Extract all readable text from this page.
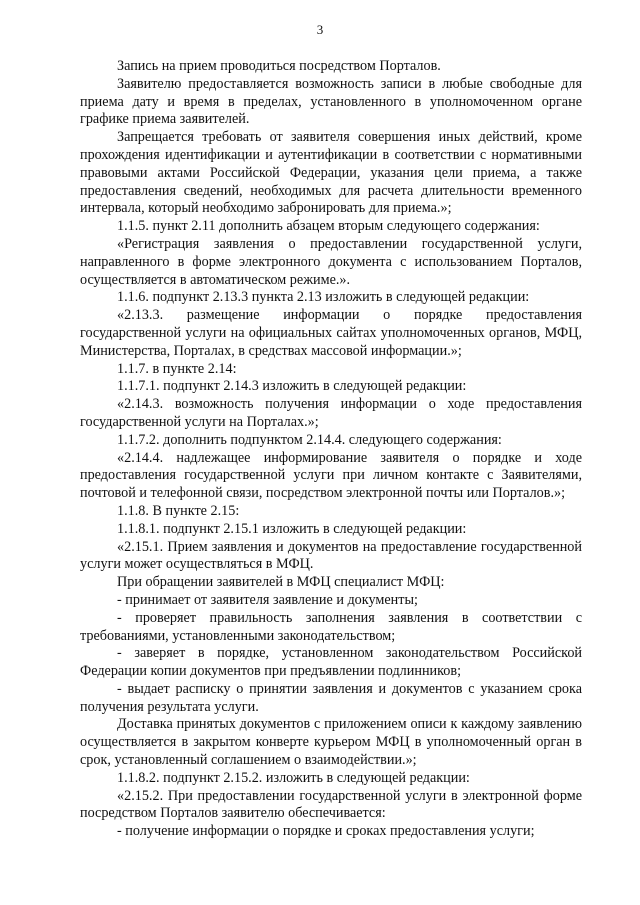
3

Запись на прием проводиться посредством Порталов.

Заявителю предоставляется возможность записи в любые свободные для приема дату и время в пределах, установленного в уполномоченном органе графике приема заявителей.

Запрещается требовать от заявителя совершения иных действий, кроме прохождения идентификации и аутентификации в соответствии с нормативными правовыми актами Российской Федерации, указания цели приема, а также предоставления сведений, необходимых для расчета длительности временного интервала, который необходимо забронировать для приема.»;

1.1.5. пункт 2.11 дополнить абзацем вторым следующего содержания:

«Регистрация заявления о предоставлении государственной услуги, направленного в форме электронного документа с использованием Порталов, осуществляется в автоматическом режиме.».

1.1.6. подпункт 2.13.3 пункта 2.13 изложить в следующей редакции:

«2.13.3. размещение информации о порядке предоставления государственной услуги на официальных сайтах уполномоченных органов, МФЦ, Министерства, Порталах, в средствах массовой информации.»;

1.1.7. в пункте 2.14:

1.1.7.1. подпункт 2.14.3 изложить в следующей редакции:

«2.14.3. возможность получения информации о ходе предоставления государственной услуги на Порталах.»;

1.1.7.2. дополнить подпунктом 2.14.4. следующего содержания:

«2.14.4. надлежащее информирование заявителя о порядке и ходе предоставления государственной услуги при личном контакте с Заявителями, почтовой и телефонной связи, посредством электронной почты или Порталов.»;

1.1.8. В пункте 2.15:

1.1.8.1. подпункт 2.15.1 изложить в следующей редакции:

«2.15.1. Прием заявления и документов на предоставление государственной услуги может осуществляться в МФЦ.

При обращении заявителей в МФЦ специалист МФЦ:

- принимает от заявителя заявление и документы;

- проверяет правильность заполнения заявления в соответствии с требованиями, установленными законодательством;

- заверяет в порядке, установленном законодательством Российской Федерации копии документов при предъявлении подлинников;

- выдает расписку о принятии заявления и документов с указанием срока получения результата услуги.

Доставка принятых документов с приложением описи к каждому заявлению осуществляется в закрытом конверте курьером МФЦ в уполномоченный орган в срок, установленный соглашением о взаимодействии.»;

1.1.8.2. подпункт 2.15.2. изложить в следующей редакции:

«2.15.2. При предоставлении государственной услуги в электронной форме посредством Порталов заявителю обеспечивается:

- получение информации о порядке и сроках предоставления услуги;
